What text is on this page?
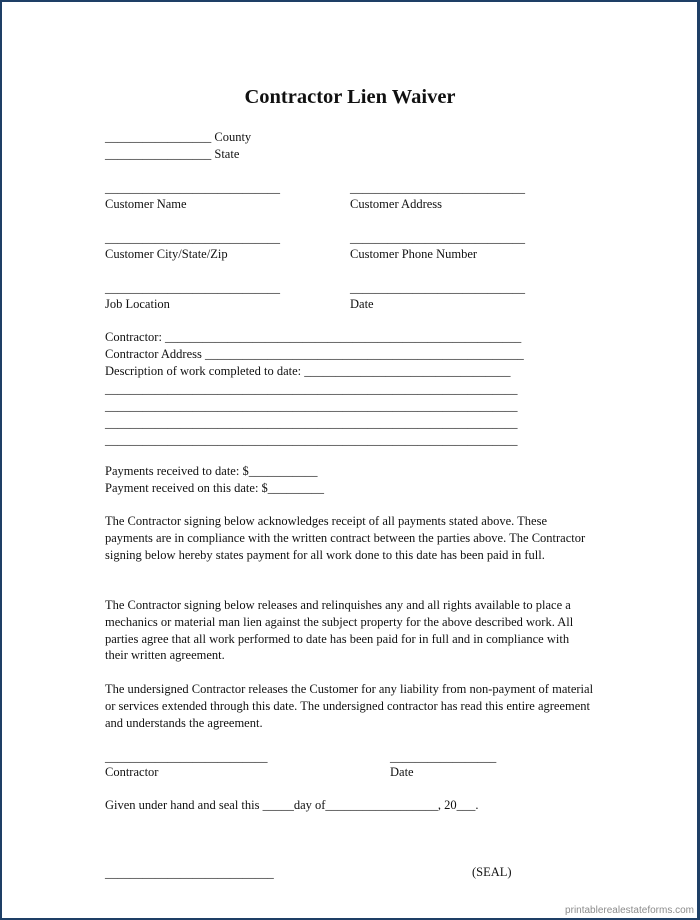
Contractor Lien Waiver
_________________ County
_________________ State
____________________________	____________________________
Customer Name	Customer Address
____________________________	____________________________
Customer City/State/Zip	Customer Phone Number
____________________________	____________________________
Job Location	Date
Contractor: _________________________________________________________
Contractor Address ___________________________________________________
Description of work completed to date: _________________________________
__________________________________________________________________
__________________________________________________________________
__________________________________________________________________
__________________________________________________________________
Payments received to date: $___________
Payment received on this date: $_________
The Contractor signing below acknowledges receipt of all payments stated above. These payments are in compliance with the written contract between the parties above. The Contractor signing below hereby states payment for all work done to this date has been paid in full.
The Contractor signing below releases and relinquishes any and all rights available to place a mechanics or material man lien against the subject property for the above described work. All parties agree that all work performed to date has been paid for in full and in compliance with their written agreement.
The undersigned Contractor releases the Customer for any liability from non-payment of material or services extended through this date. The undersigned contractor has read this entire agreement and understands the agreement.
__________________________	_________________
Contractor	Date
Given under hand and seal this _____day of__________________, 20___.
___________________________	(SEAL)
printablerealestateforms.com
